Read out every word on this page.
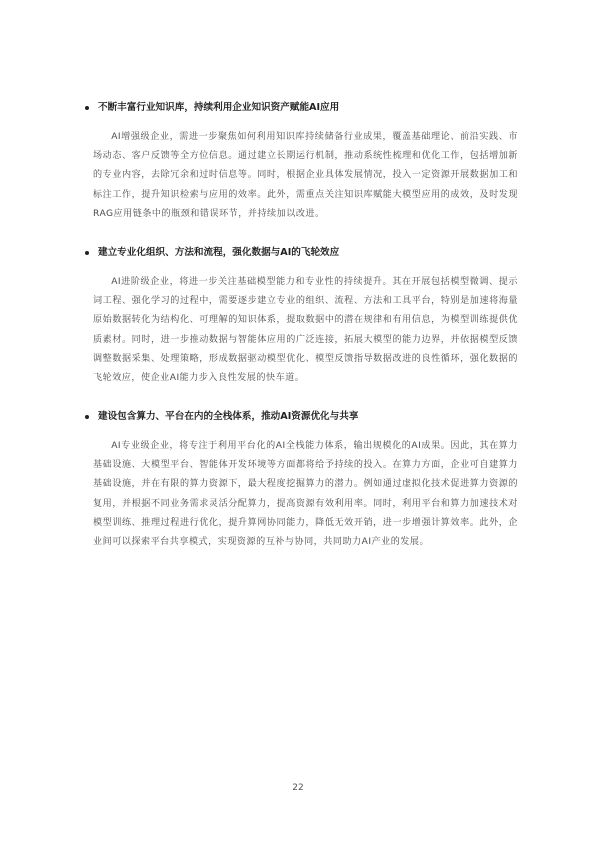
不断丰富行业知识库，持续利用企业知识资产赋能AI应用

AI增强级企业，需进一步聚焦如何利用知识库持续储备行业成果，覆盖基础理论、前沿实践、市场动态、客户反馈等全方位信息。通过建立长期运行机制，推动系统性梳理和优化工作，包括增加新的专业内容，去除冗余和过时信息等。同时，根据企业具体发展情况，投入一定资源开展数据加工和标注工作，提升知识检索与应用的效率。此外，需重点关注知识库赋能大模型应用的成效，及时发现RAG应用链条中的瓶颈和错误环节，并持续加以改进。

建立专业化组织、方法和流程，强化数据与AI的飞轮效应

AI进阶级企业，将进一步关注基础模型能力和专业性的持续提升。其在开展包括模型微调、提示词工程、强化学习的过程中，需要逐步建立专业的组织、流程、方法和工具平台，特别是加速将海量原始数据转化为结构化、可理解的知识体系，提取数据中的潜在规律和有用信息，为模型训练提供优质素材。同时，进一步推动数据与智能体应用的广泛连接，拓展大模型的能力边界，并依据模型反馈调整数据采集、处理策略，形成数据驱动模型优化、模型反馈指导数据改进的良性循环，强化数据的飞轮效应，使企业AI能力步入良性发展的快车道。

建设包含算力、平台在内的全栈体系，推动AI资源优化与共享

AI专业级企业，将专注于利用平台化的AI全栈能力体系，输出规模化的AI成果。因此，其在算力基础设施、大模型平台、智能体开发环境等方面都将给予持续的投入。在算力方面，企业可自建算力基础设施，并在有限的算力资源下，最大程度挖掘算力的潜力。例如通过虚拟化技术促进算力资源的复用，并根据不同业务需求灵活分配算力，提高资源有效利用率。同时，利用平台和算力加速技术对模型训练、推理过程进行优化，提升算网协同能力，降低无效开销，进一步增强计算效率。此外，企业间可以探索平台共享模式，实现资源的互补与协同，共同助力AI产业的发展。

22
